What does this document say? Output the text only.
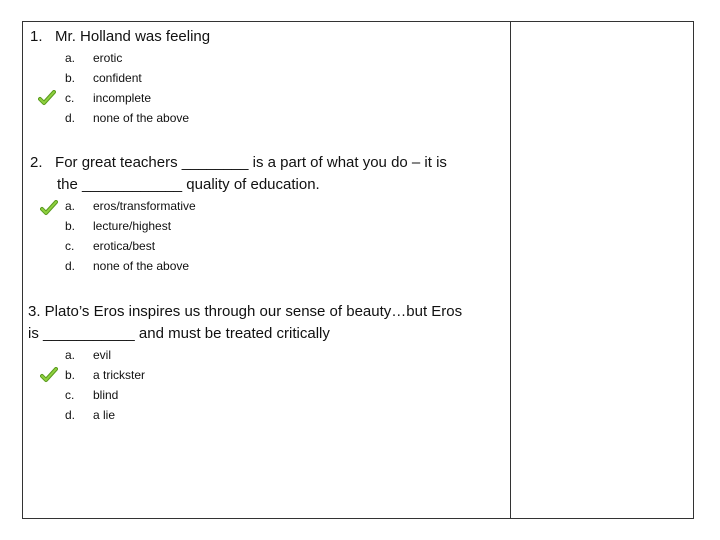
1. Mr. Holland was feeling
a.	erotic
b.	confident
c.	incomplete
d.	none of the above
2. For great teachers ________ is a part of what you do – it is
the ____________ quality of education.
a.	eros/transformative
b.	lecture/highest
c.	erotica/best
d.	none of the above
3. Plato’s Eros inspires us through our sense of beauty…but Eros
is ___________ and must be treated critically
a.	evil
b.	a trickster
c.	blind
d.	a lie
